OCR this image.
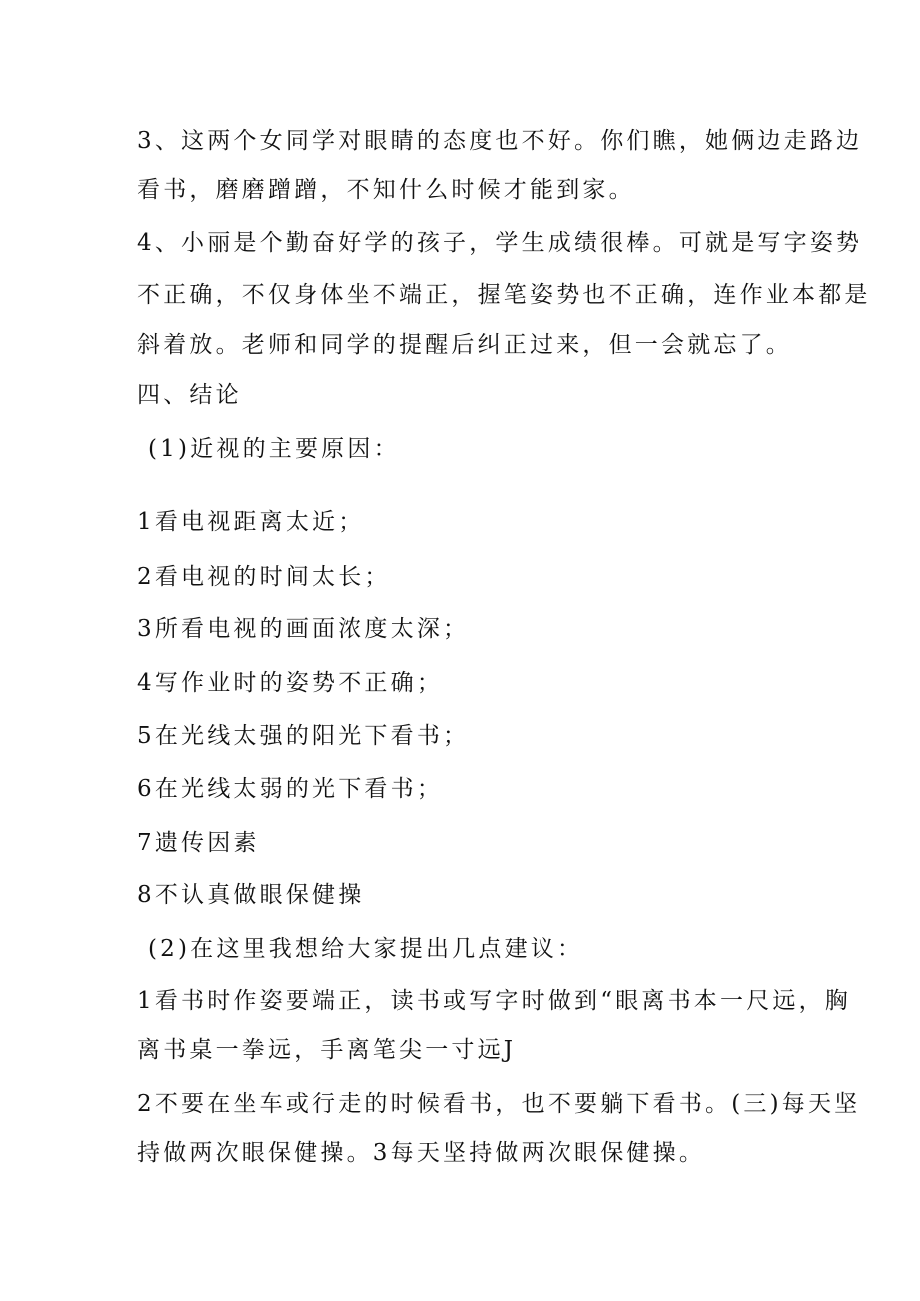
3、这两个女同学对眼睛的态度也不好。你们瞧，她俩边走路边
看书，磨磨蹭蹭，不知什么时候才能到家。
4、小丽是个勤奋好学的孩子，学生成绩很棒。可就是写字姿势
不正确，不仅身体坐不端正，握笔姿势也不正确，连作业本都是
斜着放。老师和同学的提醒后纠正过来，但一会就忘了。
四、结论
(1)近视的主要原因：
1看电视距离太近；
2看电视的时间太长；
3所看电视的画面浓度太深；
4写作业时的姿势不正确；
5在光线太强的阳光下看书；
6在光线太弱的光下看书；
7遗传因素
8不认真做眼保健操
(2)在这里我想给大家提出几点建议：
1看书时作姿要端正，读书或写字时做到“眼离书本一尺远，胸
离书桌一拳远，手离笔尖一寸远J
2不要在坐车或行走的时候看书，也不要躺下看书。(三)每天坚
持做两次眼保健操。3每天坚持做两次眼保健操。
